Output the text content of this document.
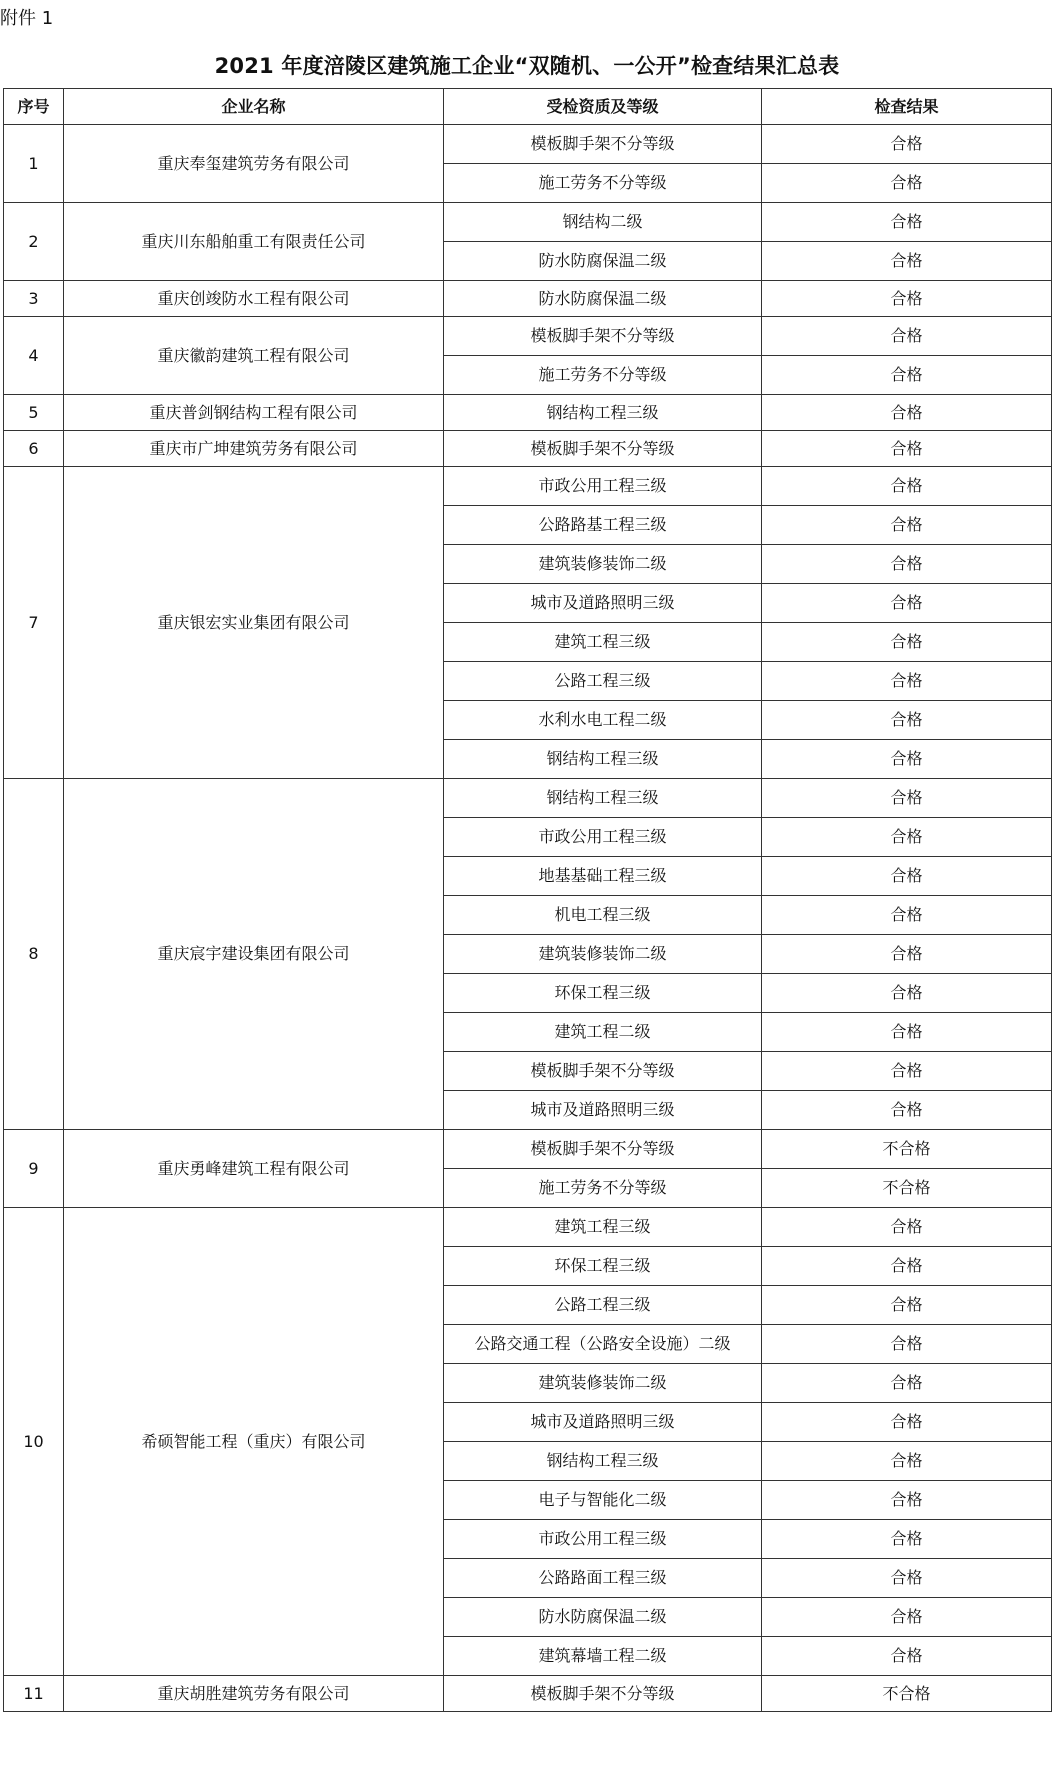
附件 1
2021 年度涪陵区建筑施工企业“双随机、一公开”检查结果汇总表
序号	企业名称	受检资质及等级	检查结果
1	重庆奉玺建筑劳务有限公司	模板脚手架不分等级	合格
		施工劳务不分等级	合格
2	重庆川东船舶重工有限责任公司	钢结构二级	合格
		防水防腐保温二级	合格
3	重庆创竣防水工程有限公司	防水防腐保温二级	合格
4	重庆徽韵建筑工程有限公司	模板脚手架不分等级	合格
		施工劳务不分等级	合格
5	重庆普剑钢结构工程有限公司	钢结构工程三级	合格
6	重庆市广坤建筑劳务有限公司	模板脚手架不分等级	合格
7	重庆银宏实业集团有限公司	市政公用工程三级	合格
		公路路基工程三级	合格
		建筑装修装饰二级	合格
		城市及道路照明三级	合格
		建筑工程三级	合格
		公路工程三级	合格
		水利水电工程二级	合格
		钢结构工程三级	合格
8	重庆宸宇建设集团有限公司	钢结构工程三级	合格
		市政公用工程三级	合格
		地基基础工程三级	合格
		机电工程三级	合格
		建筑装修装饰二级	合格
		环保工程三级	合格
		建筑工程二级	合格
		模板脚手架不分等级	合格
		城市及道路照明三级	合格
9	重庆勇峰建筑工程有限公司	模板脚手架不分等级	不合格
		施工劳务不分等级	不合格
10	希硕智能工程（重庆）有限公司	建筑工程三级	合格
		环保工程三级	合格
		公路工程三级	合格
		公路交通工程（公路安全设施）二级	合格
		建筑装修装饰二级	合格
		城市及道路照明三级	合格
		钢结构工程三级	合格
		电子与智能化二级	合格
		市政公用工程三级	合格
		公路路面工程三级	合格
		防水防腐保温二级	合格
		建筑幕墙工程二级	合格
11	重庆胡胜建筑劳务有限公司	模板脚手架不分等级	不合格
